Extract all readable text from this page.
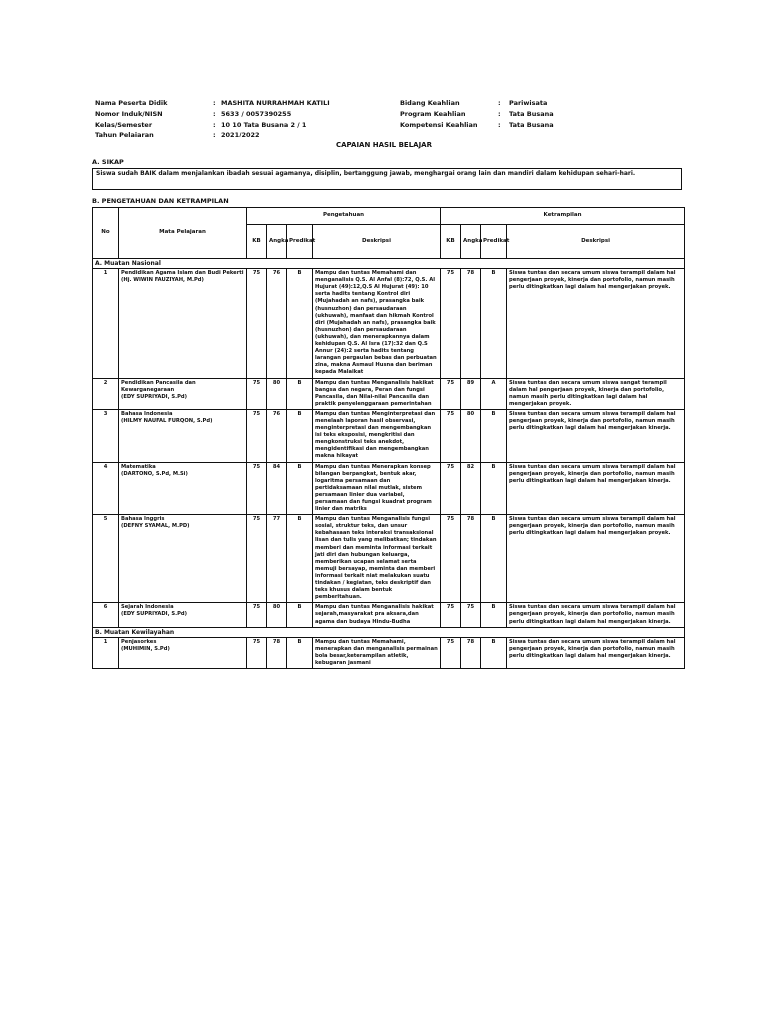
Nama Peserta Didik	: MASHITA NURRAHMAH KATILI
Nomor Induk/NISN	: 5633 / 0057390255
Kelas/Semester	: 10 10 Tata Busana 2 / 1
Tahun Pelajaran	: 2021/2022
Bidang Keahlian	:	Pariwisata
Program Keahlian	:	Tata Busana
Kompetensi Keahlian	:	Tata Busana
CAPAIAN HASIL BELAJAR
A. SIKAP
Siswa sudah BAIK dalam menjalankan ibadah sesuai agamanya, disiplin, bertanggung jawab, menghargai orang lain dan mandiri dalam kehidupan sehari-hari.
B. PENGETAHUAN DAN KETRAMPILAN
No	Mata Pelajaran	Pengetahuan				Ketrampilan			
		KB	Angka	Predikat	Deskripsi	KB	Angka	Predikat	Deskripsi
A. Muatan Nasional									
1	Pendidikan Agama Islam dan Budi Pekerti
(Hj. WIWIN FAUZIYAH, M.Pd)	75	76	B	Mampu dan tuntas Memahami dan menganalisis Q.S. Al Anfal (8):72, Q.S. Al Hujurat (49):12,Q.S Al Hujurat (49): 10 serta hadits tentang Kontrol diri (Mujahadah an nafs), prasangka baik (husnuzhon) dan persaudaraan (ukhuwah), manfaat dan hikmah Kontrol diri (Mujahadah an nafs), prasangka baik (husnuzhon) dan persaudaraan (ukhuwah), dan menerapkannya dalam kehidupan Q.S. Al Isra (17):32 dan Q.S Annur (24):2 serta hadits tentang larangan pergaulan bebas dan perbuatan zina, makna Asmaul Husna dan beriman kepada Malaikat	75	78	B	Siswa tuntas dan secara umum siswa terampil dalam hal pengerjaan proyek, kinerja dan portofolio, namun masih perlu ditingkatkan lagi dalam hal mengerjakan proyek.
2	Pendidikan Pancasila dan Kewarganegaraan
(EDY SUPRIYADI, S.Pd)	75	80	B	Mampu dan tuntas Menganalisis hakikat bangsa dan negara, Peran dan fungsi Pancasila, dan Nilai-nilai Pancasila dan praktik penyelenggaraan pemerintahan	75	89	A	Siswa tuntas dan secara umum siswa sangat terampil dalam hal pengerjaan proyek, kinerja dan portofolio, namun masih perlu ditingkatkan lagi dalam hal mengerjakan proyek.
3	Bahasa Indonesia
(HILMY NAUFAL FURQON, S.Pd)	75	76	B	Mampu dan tuntas Menginterpretasi dan menelaah laporan hasil observasi, menginterpretasi dan mengembangkan isi teks eksposisi, mengkritisi dan mengkonstruksi teks anekdot, mengidentifikasi dan mengembangkan makna hikayat	75	80	B	Siswa tuntas dan secara umum siswa terampil dalam hal pengerjaan proyek, kinerja dan portofolio, namun masih perlu ditingkatkan lagi dalam hal mengerjakan kinerja.
4	Matematika
(DARTONO, S.Pd, M.Si)	75	84	B	Mampu dan tuntas Menerapkan konsep bilangan berpangkat, bentuk akar, logaritma persamaan dan pertidaksamaan nilai mutlak, sistem persamaan linier dua variabel, persamaan dan fungsi kuadrat program linier dan matriks	75	82	B	Siswa tuntas dan secara umum siswa terampil dalam hal pengerjaan proyek, kinerja dan portofolio, namun masih perlu ditingkatkan lagi dalam hal mengerjakan kinerja.
5	Bahasa Inggris
(DEFNY SYAMAL, M.PD)	75	77	B	Mampu dan tuntas Menganalisis fungsi sosial, struktur teks, dan unsur kebahasaan teks interaksi transaksional lisan dan tulis yang melibatkan; tindakan memberi dan meminta informasi terkait jati diri dan hubungan keluarga, memberikan ucapan selamat serta memuji bersayap, meminta dan memberi informasi terkait niat melakukan suatu tindakan / kegiatan, teks deskriptif dan teks khusus dalam bentuk pemberitahuan.	75	78	B	Siswa tuntas dan secara umum siswa terampil dalam hal pengerjaan proyek, kinerja dan portofolio, namun masih perlu ditingkatkan lagi dalam hal mengerjakan proyek.
6	Sejarah Indonesia
(EDY SUPRIYADI, S.Pd)	75	80	B	Mampu dan tuntas Menganalisis hakikat sejarah,masyarakat pra aksara,dan agama dan budaya Hindu-Budha	75	75	B	Siswa tuntas dan secara umum siswa terampil dalam hal pengerjaan proyek, kinerja dan portofolio, namun masih perlu ditingkatkan lagi dalam hal mengerjakan kinerja.
B. Muatan Kewilayahan									
1	Penjasorkes
(MUHIMIN, S.Pd)	75	78	B	Mampu dan tuntas Memahami, menerapkan dan menganalisis permainan bola besar,keterampilan atletik, kebugaran jasmani	75	78	B	Siswa tuntas dan secara umum siswa terampil dalam hal pengerjaan proyek, kinerja dan portofolio, namun masih perlu ditingkatkan lagi dalam hal mengerjakan kinerja.
